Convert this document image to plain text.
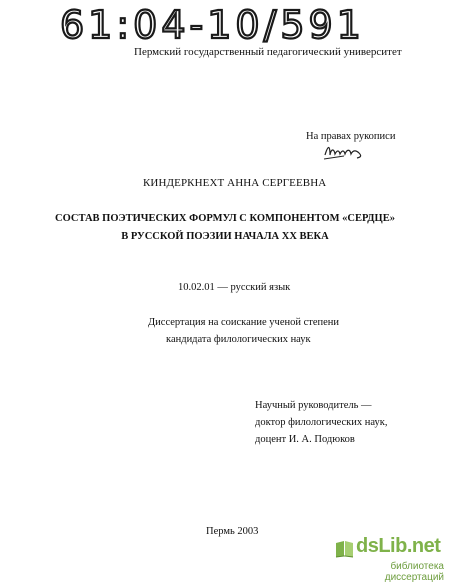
61:04-10/591
Пермский государственный педагогический университет
На правах рукописи
КИНДЕРКНЕХТ АННА СЕРГЕЕВНА
СОСТАВ ПОЭТИЧЕСКИХ ФОРМУЛ С КОМПОНЕНТОМ «СЕРДЦЕ»
В РУССКОЙ ПОЭЗИИ НАЧАЛА ХХ ВЕКА
10.02.01 — русский язык
Диссертация на соискание ученой степени
кандидата филологических наук
Научный руководитель —
доктор филологических наук,
доцент И. А. Подюков
Пермь 2003
dsLib.net
библиотека диссертаций
